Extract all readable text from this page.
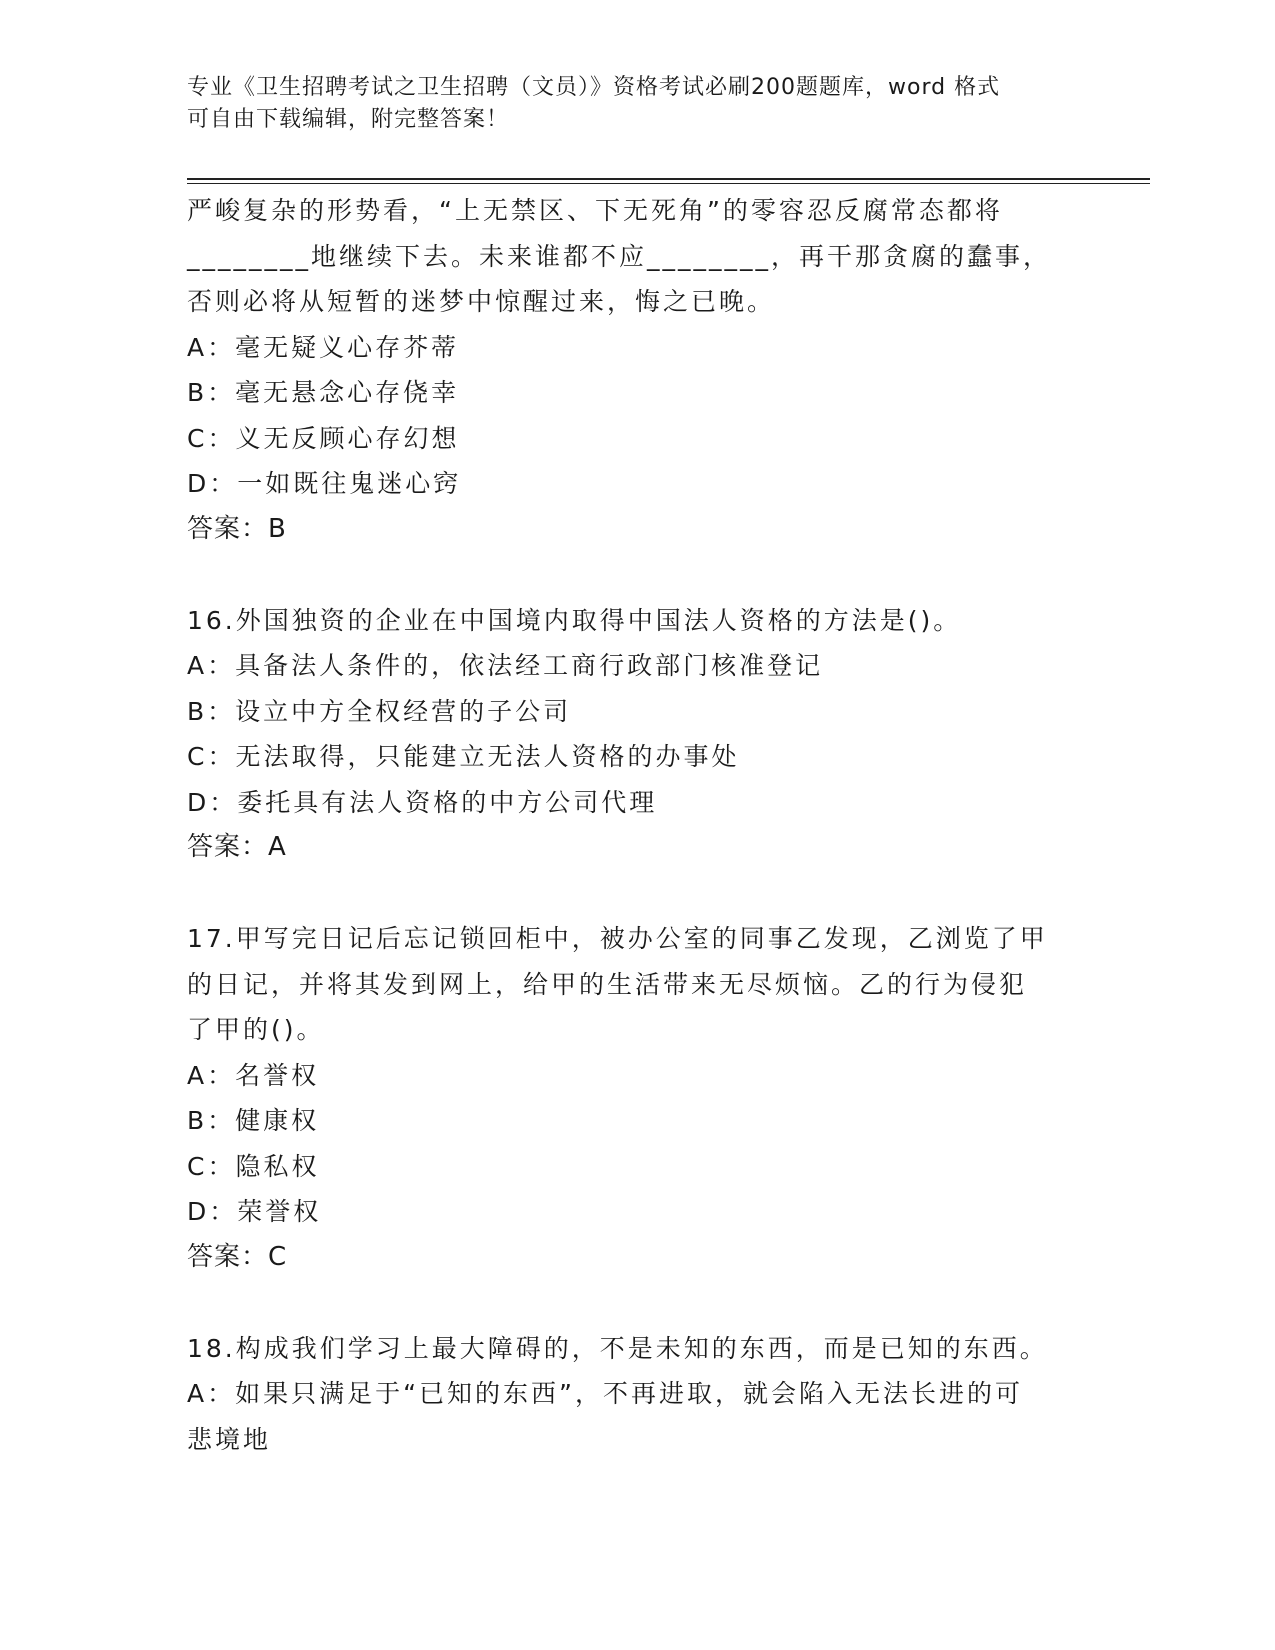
专业《卫生招聘考试之卫生招聘（文员）》资格考试必刷200题题库，word 格式
可自由下载编辑，附完整答案！
严峻复杂的形势看，“上无禁区、下无死角”的零容忍反腐常态都将
________地继续下去。未来谁都不应________，再干那贪腐的蠢事，
否则必将从短暂的迷梦中惊醒过来，悔之已晚。
A：毫无疑义心存芥蒂
B：毫无悬念心存侥幸
C：义无反顾心存幻想
D：一如既往鬼迷心窍
答案：B
16.外国独资的企业在中国境内取得中国法人资格的方法是()。
A：具备法人条件的，依法经工商行政部门核准登记
B：设立中方全权经营的子公司
C：无法取得，只能建立无法人资格的办事处
D：委托具有法人资格的中方公司代理
答案：A
17.甲写完日记后忘记锁回柜中，被办公室的同事乙发现，乙浏览了甲
的日记，并将其发到网上，给甲的生活带来无尽烦恼。乙的行为侵犯
了甲的()。
A：名誉权
B：健康权
C：隐私权
D：荣誉权
答案：C
18.构成我们学习上最大障碍的，不是未知的东西，而是已知的东西。
A：如果只满足于“已知的东西”，不再进取，就会陷入无法长进的可
悲境地
